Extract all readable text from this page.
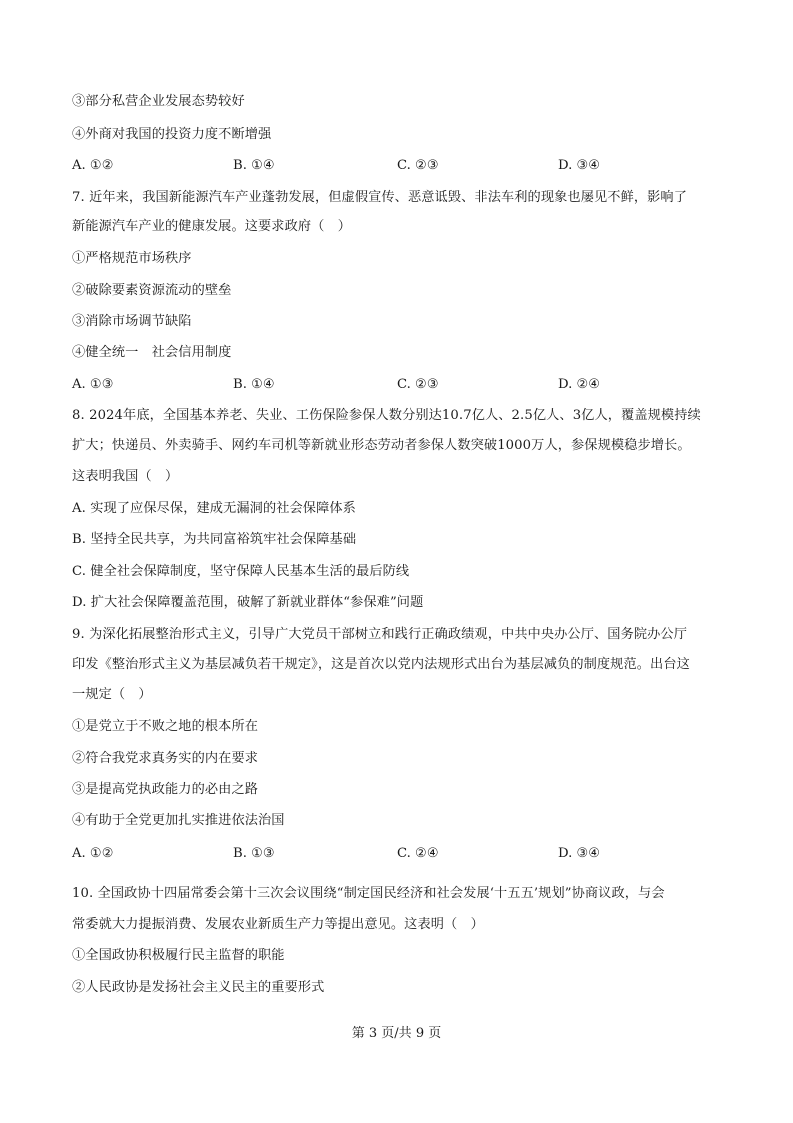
③部分私营企业发展态势较好
④外商对我国的投资力度不断增强
A. ①②	B. ①④	C. ②③	D. ③④
7. 近年来，我国新能源汽车产业蓬勃发展，但虚假宣传、恶意诋毁、非法车利的现象也屡见不鲜，影响了
新能源汽车产业的健康发展。这要求政府（　）
①严格规范市场秩序
②破除要素资源流动的壁垒
③消除市场调节缺陷
④健全统一　社会信用制度
A. ①③	B. ①④	C. ②③	D. ②④
8. 2024年底，全国基本养老、失业、工伤保险参保人数分别达10.7亿人、2.5亿人、3亿人，覆盖规模持续
扩大；快递员、外卖骑手、网约车司机等新就业形态劳动者参保人数突破1000万人，参保规模稳步增长。
这表明我国（　）
A. 实现了应保尽保，建成无漏洞的社会保障体系
B. 坚持全民共享，为共同富裕筑牢社会保障基础
C. 健全社会保障制度，坚守保障人民基本生活的最后防线
D. 扩大社会保障覆盖范围，破解了新就业群体“参保难”问题
9. 为深化拓展整治形式主义，引导广大党员干部树立和践行正确政绩观，中共中央办公厅、国务院办公厅
印发《整治形式主义为基层减负若干规定》，这是首次以党内法规形式出台为基层减负的制度规范。出台这
一规定（　）
①是党立于不败之地的根本所在
②符合我党求真务实的内在要求
③是提高党执政能力的必由之路
④有助于全党更加扎实推进依法治国
A. ①②	B. ①③	C. ②④	D. ③④
10. 全国政协十四届常委会第十三次会议围绕“制定国民经济和社会发展‘十五五’规划”协商议政，与会
常委就大力提振消费、发展农业新质生产力等提出意见。这表明（　）
①全国政协积极履行民主监督的职能
②人民政协是发扬社会主义民主的重要形式
第 3 页/共 9 页
